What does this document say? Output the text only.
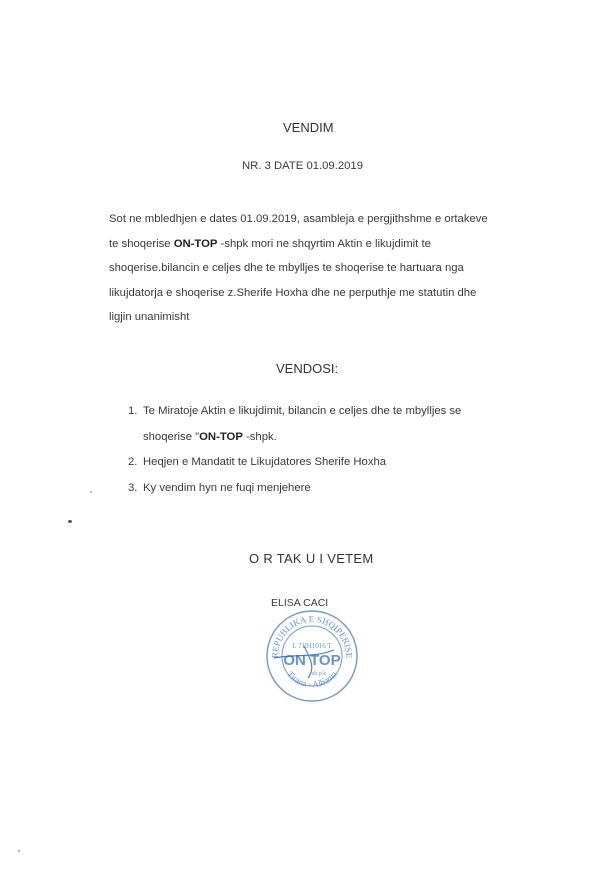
VENDIM
NR. 3 DATE 01.09.2019
Sot ne mbledhjen e dates 01.09.2019, asambleja e pergjithshme e ortakeve
te shoqerise ON-TOP -shpk mori ne shqyrtim Aktin e likujdimit te
shoqerise.bilancin e celjes dhe te mbylljes te shoqerise te hartuara nga
likujdatorja e shoqerise z.Sherife Hoxha dhe ne perputhje me statutin dhe
ligjin unanimisht
VENDOSI:
1. Te Miratoje Aktin e likujdimit, bilancin e celjes dhe te mbylljes se
shoqerise "ON-TOP -shpk.
2. Heqjen e Mandatit te Likujdatores Sherife Hoxha
3. Ky vendim hyn ne fuqi menjehere
O R TAK U I VETEM
ELISA CACI
REPUBLIKA E SHQIPERISE
Tirana - Albania
L 71911016 T
ON TOP
sh.p.k
